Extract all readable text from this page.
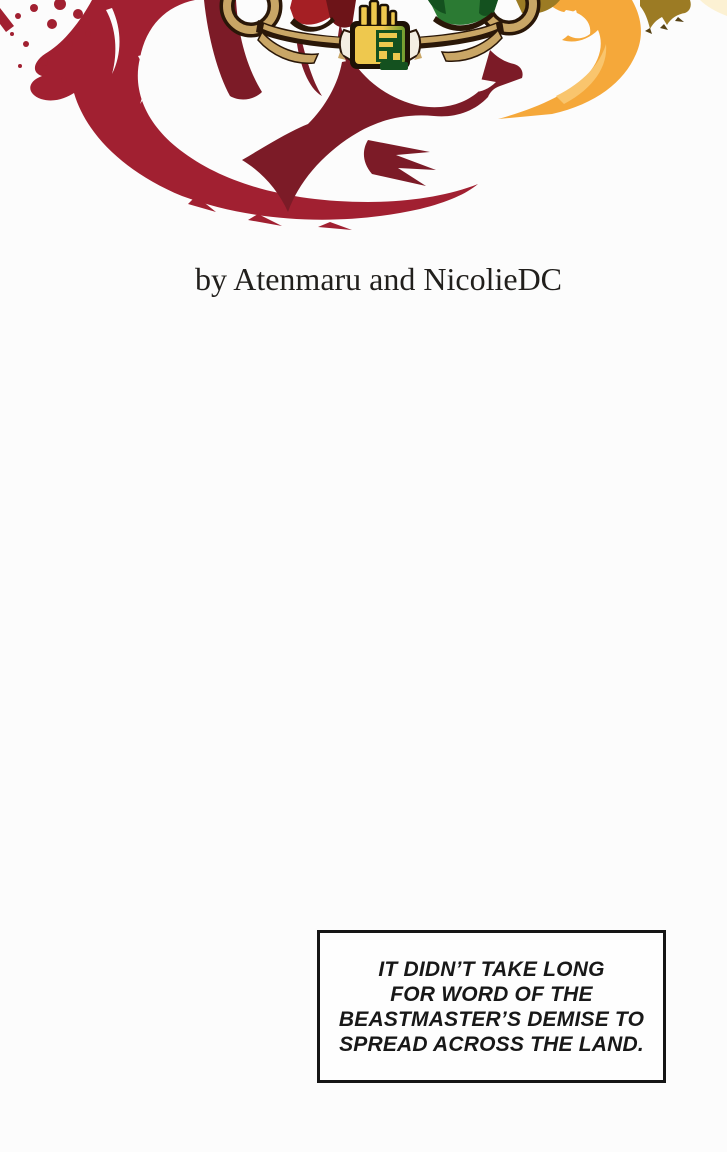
by Atenmaru and NicolieDC
IT DIDN’T TAKE LONG
FOR WORD OF THE
BEASTMASTER’S DEMISE TO
SPREAD ACROSS THE LAND.
